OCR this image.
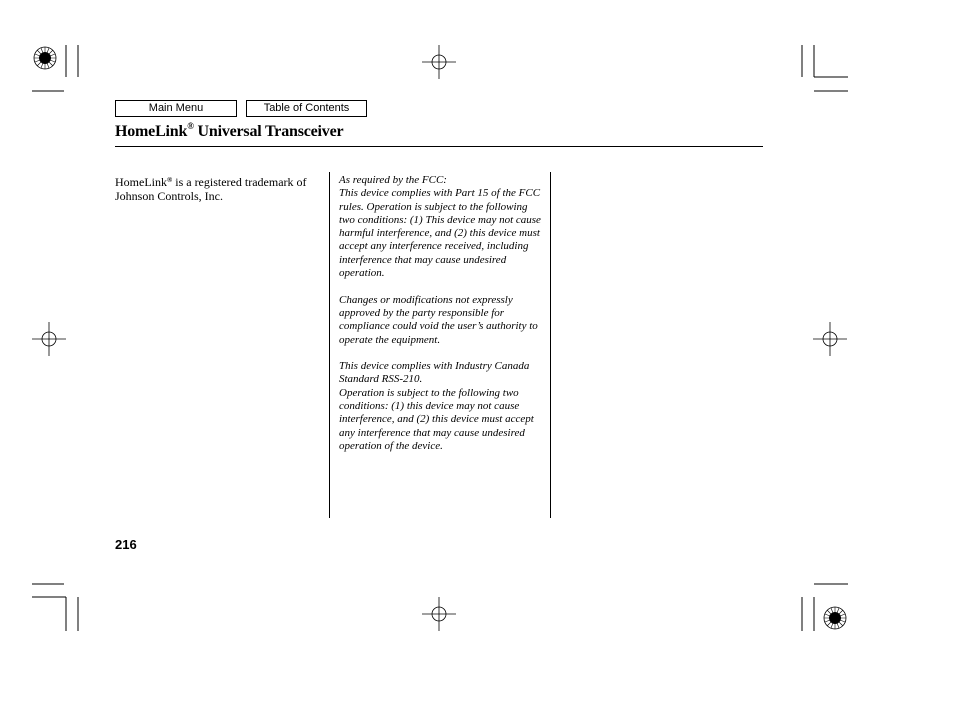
Main Menu	Table of Contents
HomeLink® Universal Transceiver
HomeLink® is a registered trademark of Johnson Controls, Inc.

As required by the FCC:
This device complies with Part 15 of the FCC rules. Operation is subject to the following two conditions: (1) This device may not cause harmful interference, and (2) this device must accept any interference received, including interference that may cause undesired operation.

Changes or modifications not expressly approved by the party responsible for compliance could void the user’s authority to operate the equipment.

This device complies with Industry Canada Standard RSS-210.
Operation is subject to the following two conditions: (1) this device may not cause interference, and (2) this device must accept any interference that may cause undesired operation of the device.

216
